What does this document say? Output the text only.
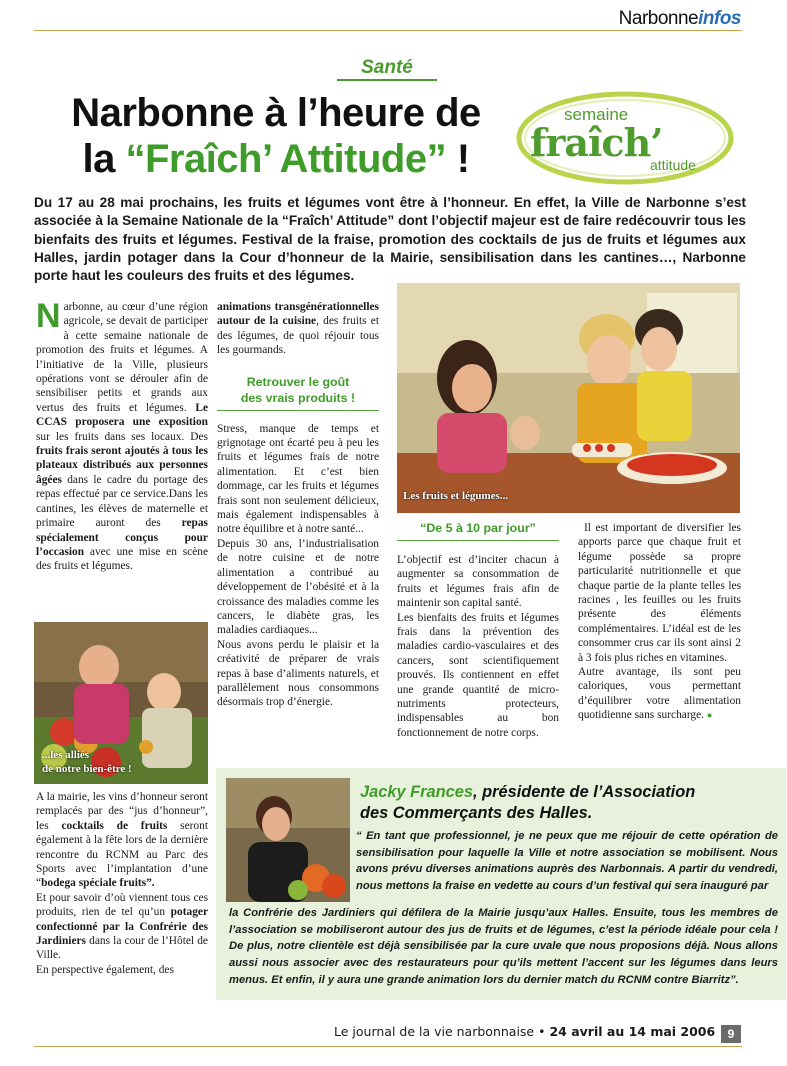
Narbonneinfos
Santé
Narbonne à l’heure de
la “Fraîch’ Attitude” !
semaine
fraîch’
attitude

Du 17 au 28 mai prochains, les fruits et légumes vont être à l’honneur. En effet, la Ville de Narbonne s’est associée à la Semaine Nationale de la “Fraîch’ Attitude” dont l’objectif majeur est de faire redécouvrir tous les bienfaits des fruits et légumes. Festival de la fraise, promotion des cocktails de jus de fruits et légumes aux Halles, jardin potager dans la Cour d’honneur de la Mairie, sensibilisation dans les cantines…, Narbonne porte haut les couleurs des fruits et des légumes.

Narbonne, au cœur d’une région agricole, se devait de participer à cette semaine nationale de promotion des fruits et légumes. A l’initiative de la Ville, plusieurs opérations vont se dérouler afin de sensibiliser petits et grands aux vertus des fruits et légumes. Le CCAS proposera une exposition sur les fruits dans ses locaux. Des fruits frais seront ajoutés à tous les plateaux distribués aux personnes âgées dans le cadre du portage des repas effectué par ce service.Dans les cantines, les élèves de maternelle et primaire auront des repas spécialement conçus pour l’occasion avec une mise en scène des fruits et légumes.

...les alliés
de notre bien-être !

A la mairie, les vins d’honneur seront remplacés par des “jus d’honneur”, les cocktails de fruits seront également à la fête lors de la dernière rencontre du RCNM au Parc des Sports avec l’implantation d’une “bodega spéciale fruits”.

Et pour savoir d’où viennent tous ces produits, rien de tel qu’un potager confectionné par la Confrérie des Jardiniers dans la cour de l’Hôtel de Ville.

En perspective également, des

animations transgénérationnelles autour de la cuisine, des fruits et des légumes, de quoi réjouir tous les gourmands.

Retrouver le goût
des vrais produits !

Stress, manque de temps et grignotage ont écarté peu à peu les fruits et légumes frais de notre alimentation. Et c’est bien dommage, car les fruits et légumes frais sont non seulement délicieux, mais également indispensables à notre équilibre et à notre santé...

Depuis 30 ans, l’industrialisation de notre cuisine et de notre alimentation a contribué au développement de l’obésité et à la croissance des maladies comme les cancers, le diabète gras, les maladies cardiaques...

Nous avons perdu le plaisir et la créativité de préparer de vrais repas à base d’aliments naturels, et parallèlement nous consommons désormais trop d’énergie.

Les fruits et légumes...
“De 5 à 10 par jour”

L’objectif est d’inciter chacun à augmenter sa consommation de fruits et légumes frais afin de maintenir son capital santé.

Les bienfaits des fruits et légumes frais dans la prévention des maladies cardio-vasculaires et des cancers, sont scientifiquement prouvés. Ils contiennent en effet une grande quantité de micro-nutriments protecteurs, indispensables au bon fonctionnement de notre corps.

Il est important de diversifier les apports parce que chaque fruit et légume possède sa propre particularité nutritionnelle et que chaque partie de la plante telles les racines , les feuilles ou les fruits présente des éléments complémentaires. L’idéal est de les consommer crus car ils sont ainsi 2 à 3 fois plus riches en vitamines.

Autre avantage, ils sont peu caloriques, vous permettant d’équilibrer votre alimentation quotidienne sans surcharge. ●

Jacky Frances, présidente de l’Association
des Commerçants des Halles.

“ En tant que professionnel, je ne peux que me réjouir de cette opération de sensibilisation pour laquelle la Ville et notre association se mobilisent. Nous avons prévu diverses animations auprès des Narbonnais. A partir du vendredi, nous mettons la fraise en vedette au cours d’un festival qui sera inauguré par

la Confrérie des Jardiniers qui défilera de la Mairie jusqu’aux Halles. Ensuite, tous les membres de l’association se mobiliseront autour des jus de fruits et de légumes, c’est la période idéale pour cela ! De plus, notre clientèle est déjà sensibilisée par la cure uvale que nous proposions déjà. Nous allons aussi nous associer avec des restaurateurs pour qu’ils mettent l’accent sur les légumes dans leurs menus. Et enfin, il y aura une grande animation lors du dernier match du RCNM contre Biarritz”.

Le journal de la vie narbonnaise • 24 avril au 14 mai 2006	9
